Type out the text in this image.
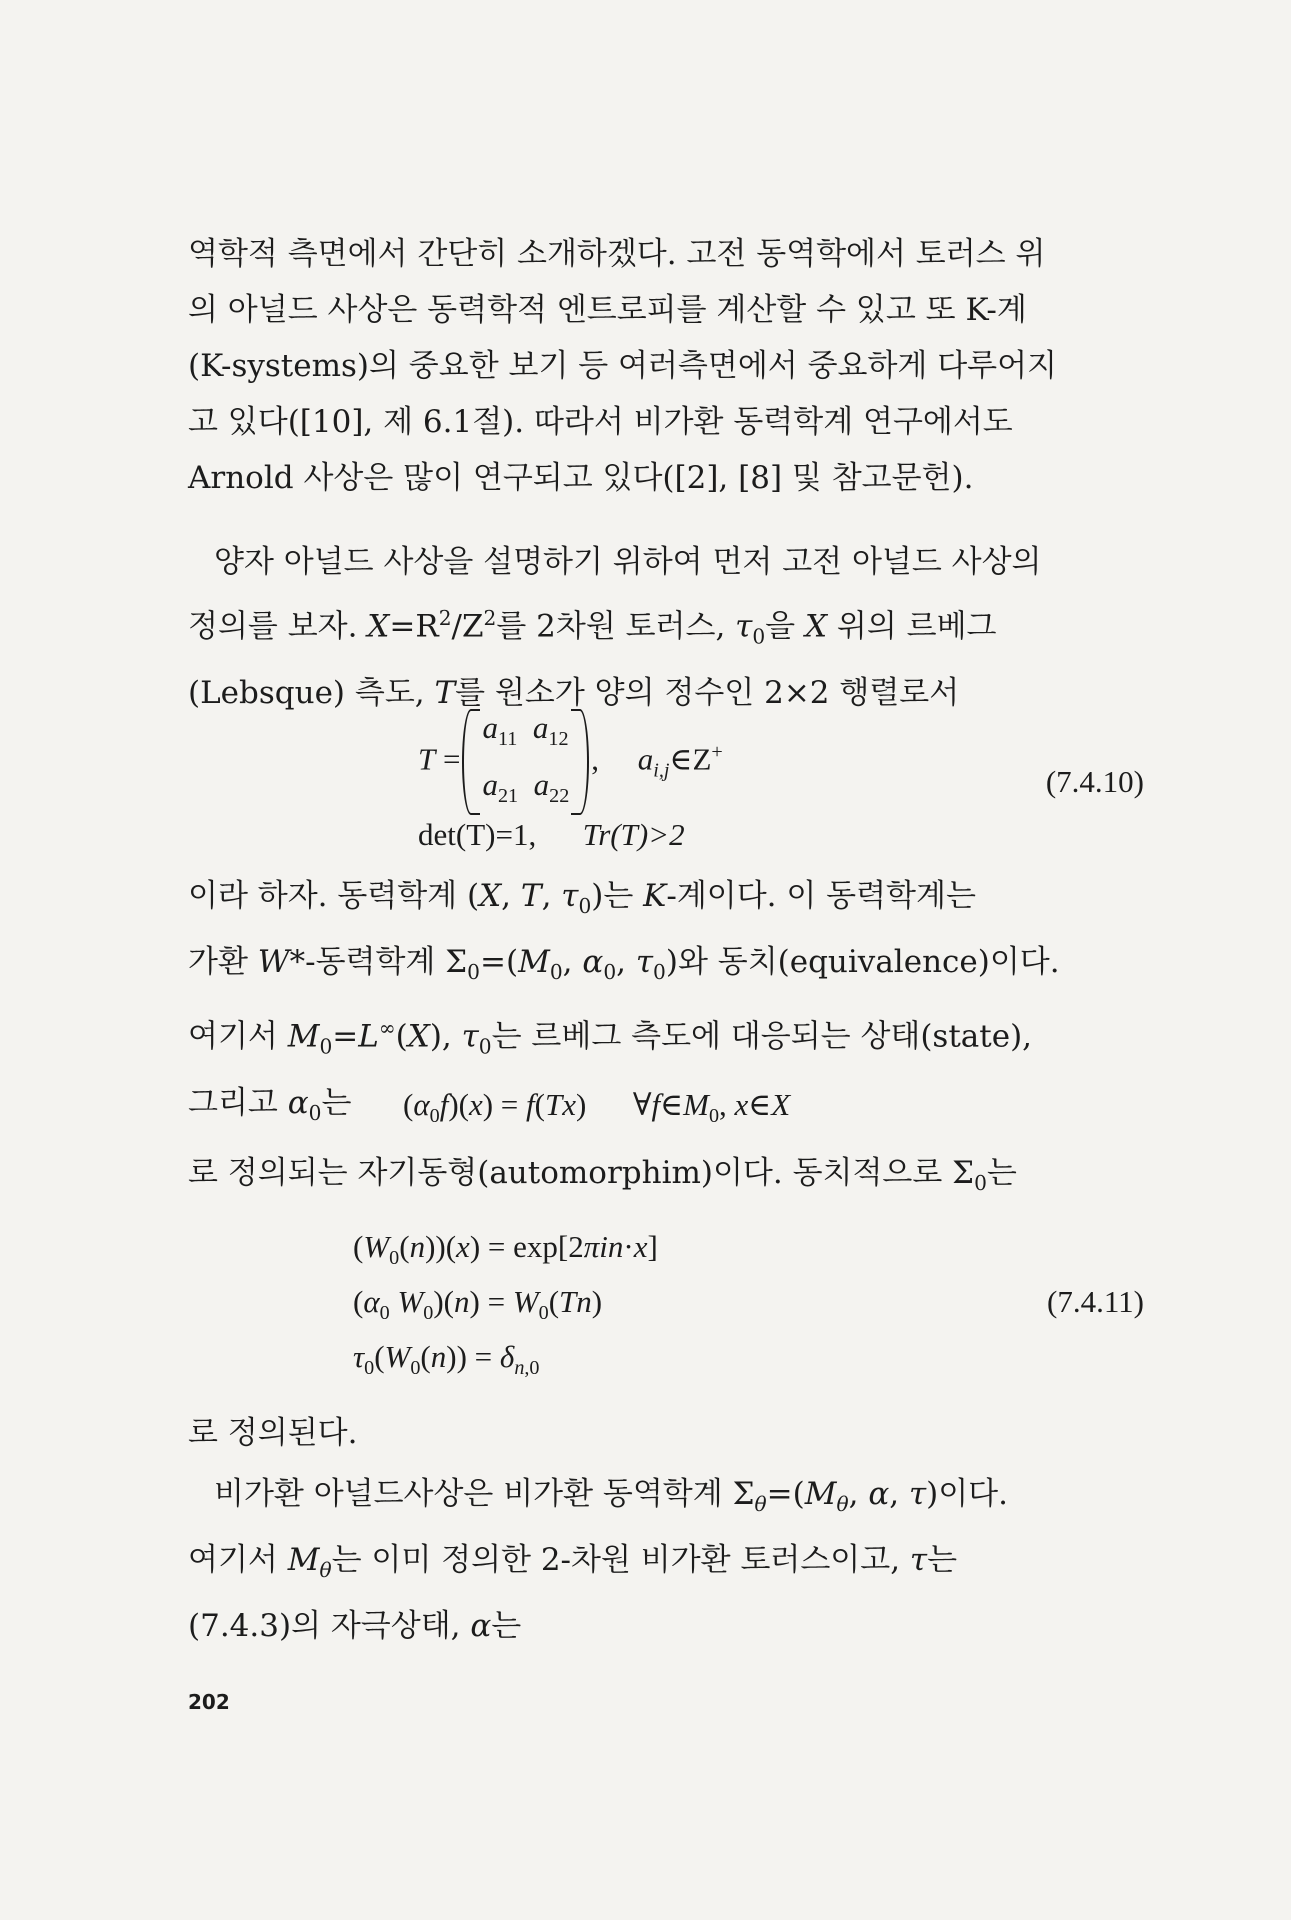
역학적 측면에서 간단히 소개하겠다. 고전 동역학에서 토러스 위

의 아널드 사상은 동력학적 엔트로피를 계산할 수 있고 또 K-계

(K-systems)의 중요한 보기 등 여러측면에서 중요하게 다루어지

고 있다([10], 제 6.1절). 따라서 비가환 동력학계 연구에서도

Arnold 사상은 많이 연구되고 있다([2], [8] 및 참고문헌).

양자 아널드 사상을 설명하기 위하여 먼저 고전 아널드 사상의

정의를 보자. $X=R^2/Z^2$를 2차원 토러스, $\tau_0$을 X 위의 르베그

(Lebsque) 측도, T를 원소가 양의 정수인 2×2 행렬로서

T =
$a_{11}$ $a_{12}$
$a_{21}$ $a_{22}$
,     $a_{i,j}\in Z^+$
det(T)=1, Tr(T)>2
(7.4.10)

이라 하자. 동력학계 (X, T, $\tau_0$)는 K-계이다. 이 동력학계는

가환 W*-동력학계 $\Sigma_0=(M_0$, $\alpha_0$, $\tau_0$)와 동치(equivalence)이다.

여기서 $M_0=L^\infty(X)$, $\tau_0$는 르베그 측도에 대응되는 상태(state),

그리고 $\alpha_0$는	$(\alpha_0f)(x) = f(Tx)$      $\forall f\in M_0$, x∈X

로 정의되는 자기동형(automorphim)이다. 동치적으로 $\Sigma_0$는

$(W_0(n))(x) = \exp[2\pi in\cdot x]$
($\alpha_0$ $W_0)(n) = W_0(Tn)$
$\tau_0(W_0(n)) = \delta_{n,0}$
(7.4.11)

로 정의된다.

비가환 아널드사상은 비가환 동역학계 $\Sigma_\theta=(M_\theta$, α, τ)이다.

여기서 $M_\theta$는 이미 정의한 2-차원 비가환 토러스이고, τ는

(7.4.3)의 자극상태, α는

202
